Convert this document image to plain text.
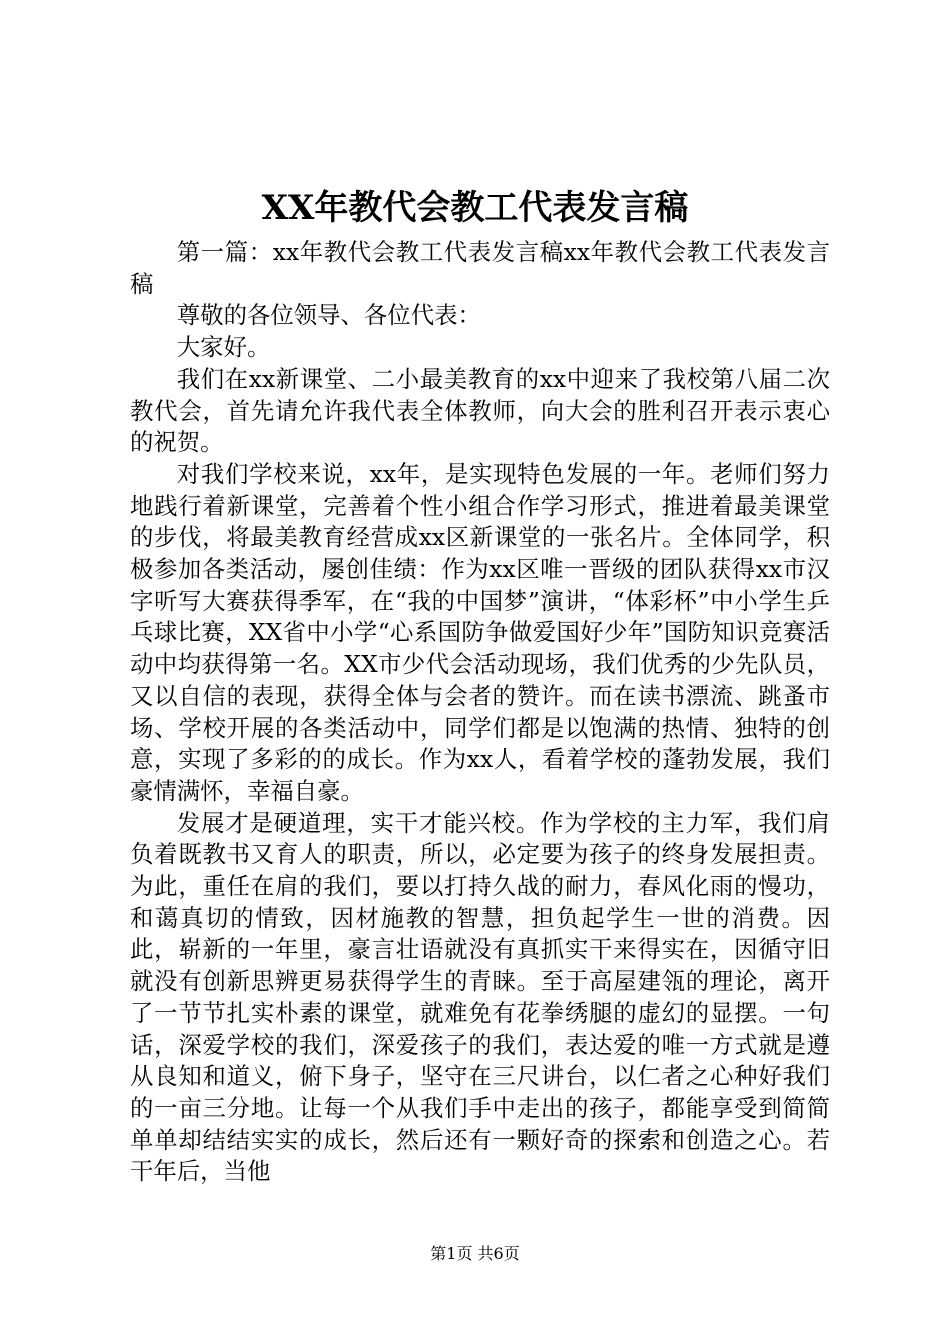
XX年教代会教工代表发言稿

第一篇：xx年教代会教工代表发言稿xx年教代会教工代表发言稿

尊敬的各位领导、各位代表：

大家好。

我们在xx新课堂、二小最美教育的xx中迎来了我校第八届二次教代会，首先请允许我代表全体教师，向大会的胜利召开表示衷心的祝贺。

对我们学校来说，xx年，是实现特色发展的一年。老师们努力地践行着新课堂，完善着个性小组合作学习形式，推进着最美课堂的步伐，将最美教育经营成xx区新课堂的一张名片。全体同学，积极参加各类活动，屡创佳绩：作为xx区唯一晋级的团队获得xx市汉字听写大赛获得季军，在“我的中国梦”演讲，“体彩杯”中小学生乒乓球比赛，XX省中小学“心系国防争做爱国好少年”国防知识竞赛活动中均获得第一名。XX市少代会活动现场，我们优秀的少先队员，又以自信的表现，获得全体与会者的赞许。而在读书漂流、跳蚤市场、学校开展的各类活动中，同学们都是以饱满的热情、独特的创意，实现了多彩的的成长。作为xx人，看着学校的蓬勃发展，我们豪情满怀，幸福自豪。

发展才是硬道理，实干才能兴校。作为学校的主力军，我们肩负着既教书又育人的职责，所以，必定要为孩子的终身发展担责。为此，重任在肩的我们，要以打持久战的耐力，春风化雨的慢功，和蔼真切的情致，因材施教的智慧，担负起学生一世的消费。因此，崭新的一年里，豪言壮语就没有真抓实干来得实在，因循守旧就没有创新思辨更易获得学生的青睐。至于高屋建瓴的理论，离开了一节节扎实朴素的课堂，就难免有花拳绣腿的虚幻的显摆。一句话，深爱学校的我们，深爱孩子的我们，表达爱的唯一方式就是遵从良知和道义，俯下身子，坚守在三尺讲台，以仁者之心种好我们的一亩三分地。让每一个从我们手中走出的孩子，都能享受到简简单单却结结实实的成长，然后还有一颗好奇的探索和创造之心。若干年后，当他

第1页 共6页
